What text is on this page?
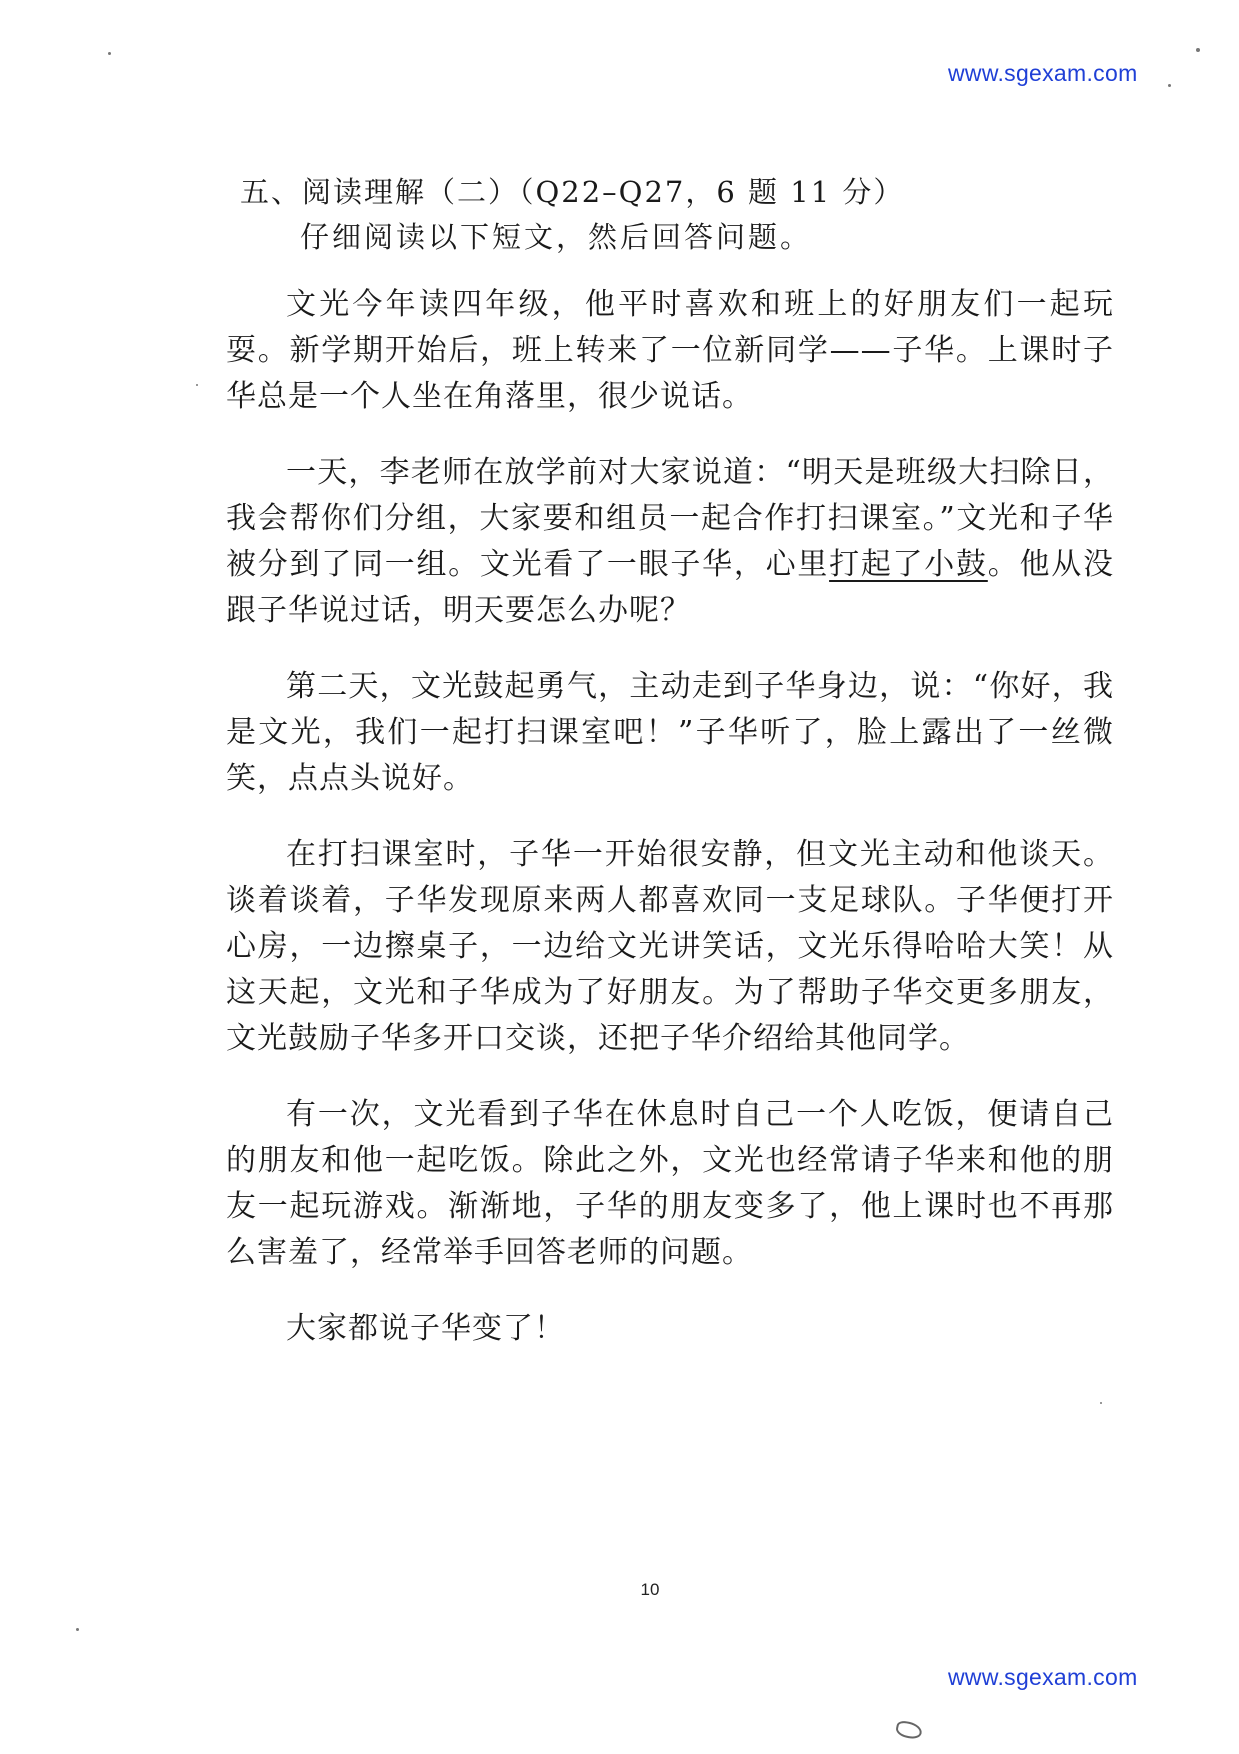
www.sgexam.com
五、阅读理解（二）（Q22–Q27，6 题 11 分）
仔细阅读以下短文，然后回答问题。

文光今年读四年级，他平时喜欢和班上的好朋友们一起玩耍。新学期开始后，班上转来了一位新同学——子华。上课时子华总是一个人坐在角落里，很少说话。

一天，李老师在放学前对大家说道：“明天是班级大扫除日，我会帮你们分组，大家要和组员一起合作打扫课室。”文光和子华被分到了同一组。文光看了一眼子华，心里打起了小鼓。他从没跟子华说过话，明天要怎么办呢？

第二天，文光鼓起勇气，主动走到子华身边，说：“你好，我是文光，我们一起打扫课室吧！”子华听了，脸上露出了一丝微笑，点点头说好。

在打扫课室时，子华一开始很安静，但文光主动和他谈天。谈着谈着，子华发现原来两人都喜欢同一支足球队。子华便打开心房，一边擦桌子，一边给文光讲笑话，文光乐得哈哈大笑！从这天起，文光和子华成为了好朋友。为了帮助子华交更多朋友，文光鼓励子华多开口交谈，还把子华介绍给其他同学。

有一次，文光看到子华在休息时自己一个人吃饭，便请自己的朋友和他一起吃饭。除此之外，文光也经常请子华来和他的朋友一起玩游戏。渐渐地，子华的朋友变多了，他上课时也不再那么害羞了，经常举手回答老师的问题。

大家都说子华变了！

10
www.sgexam.com
